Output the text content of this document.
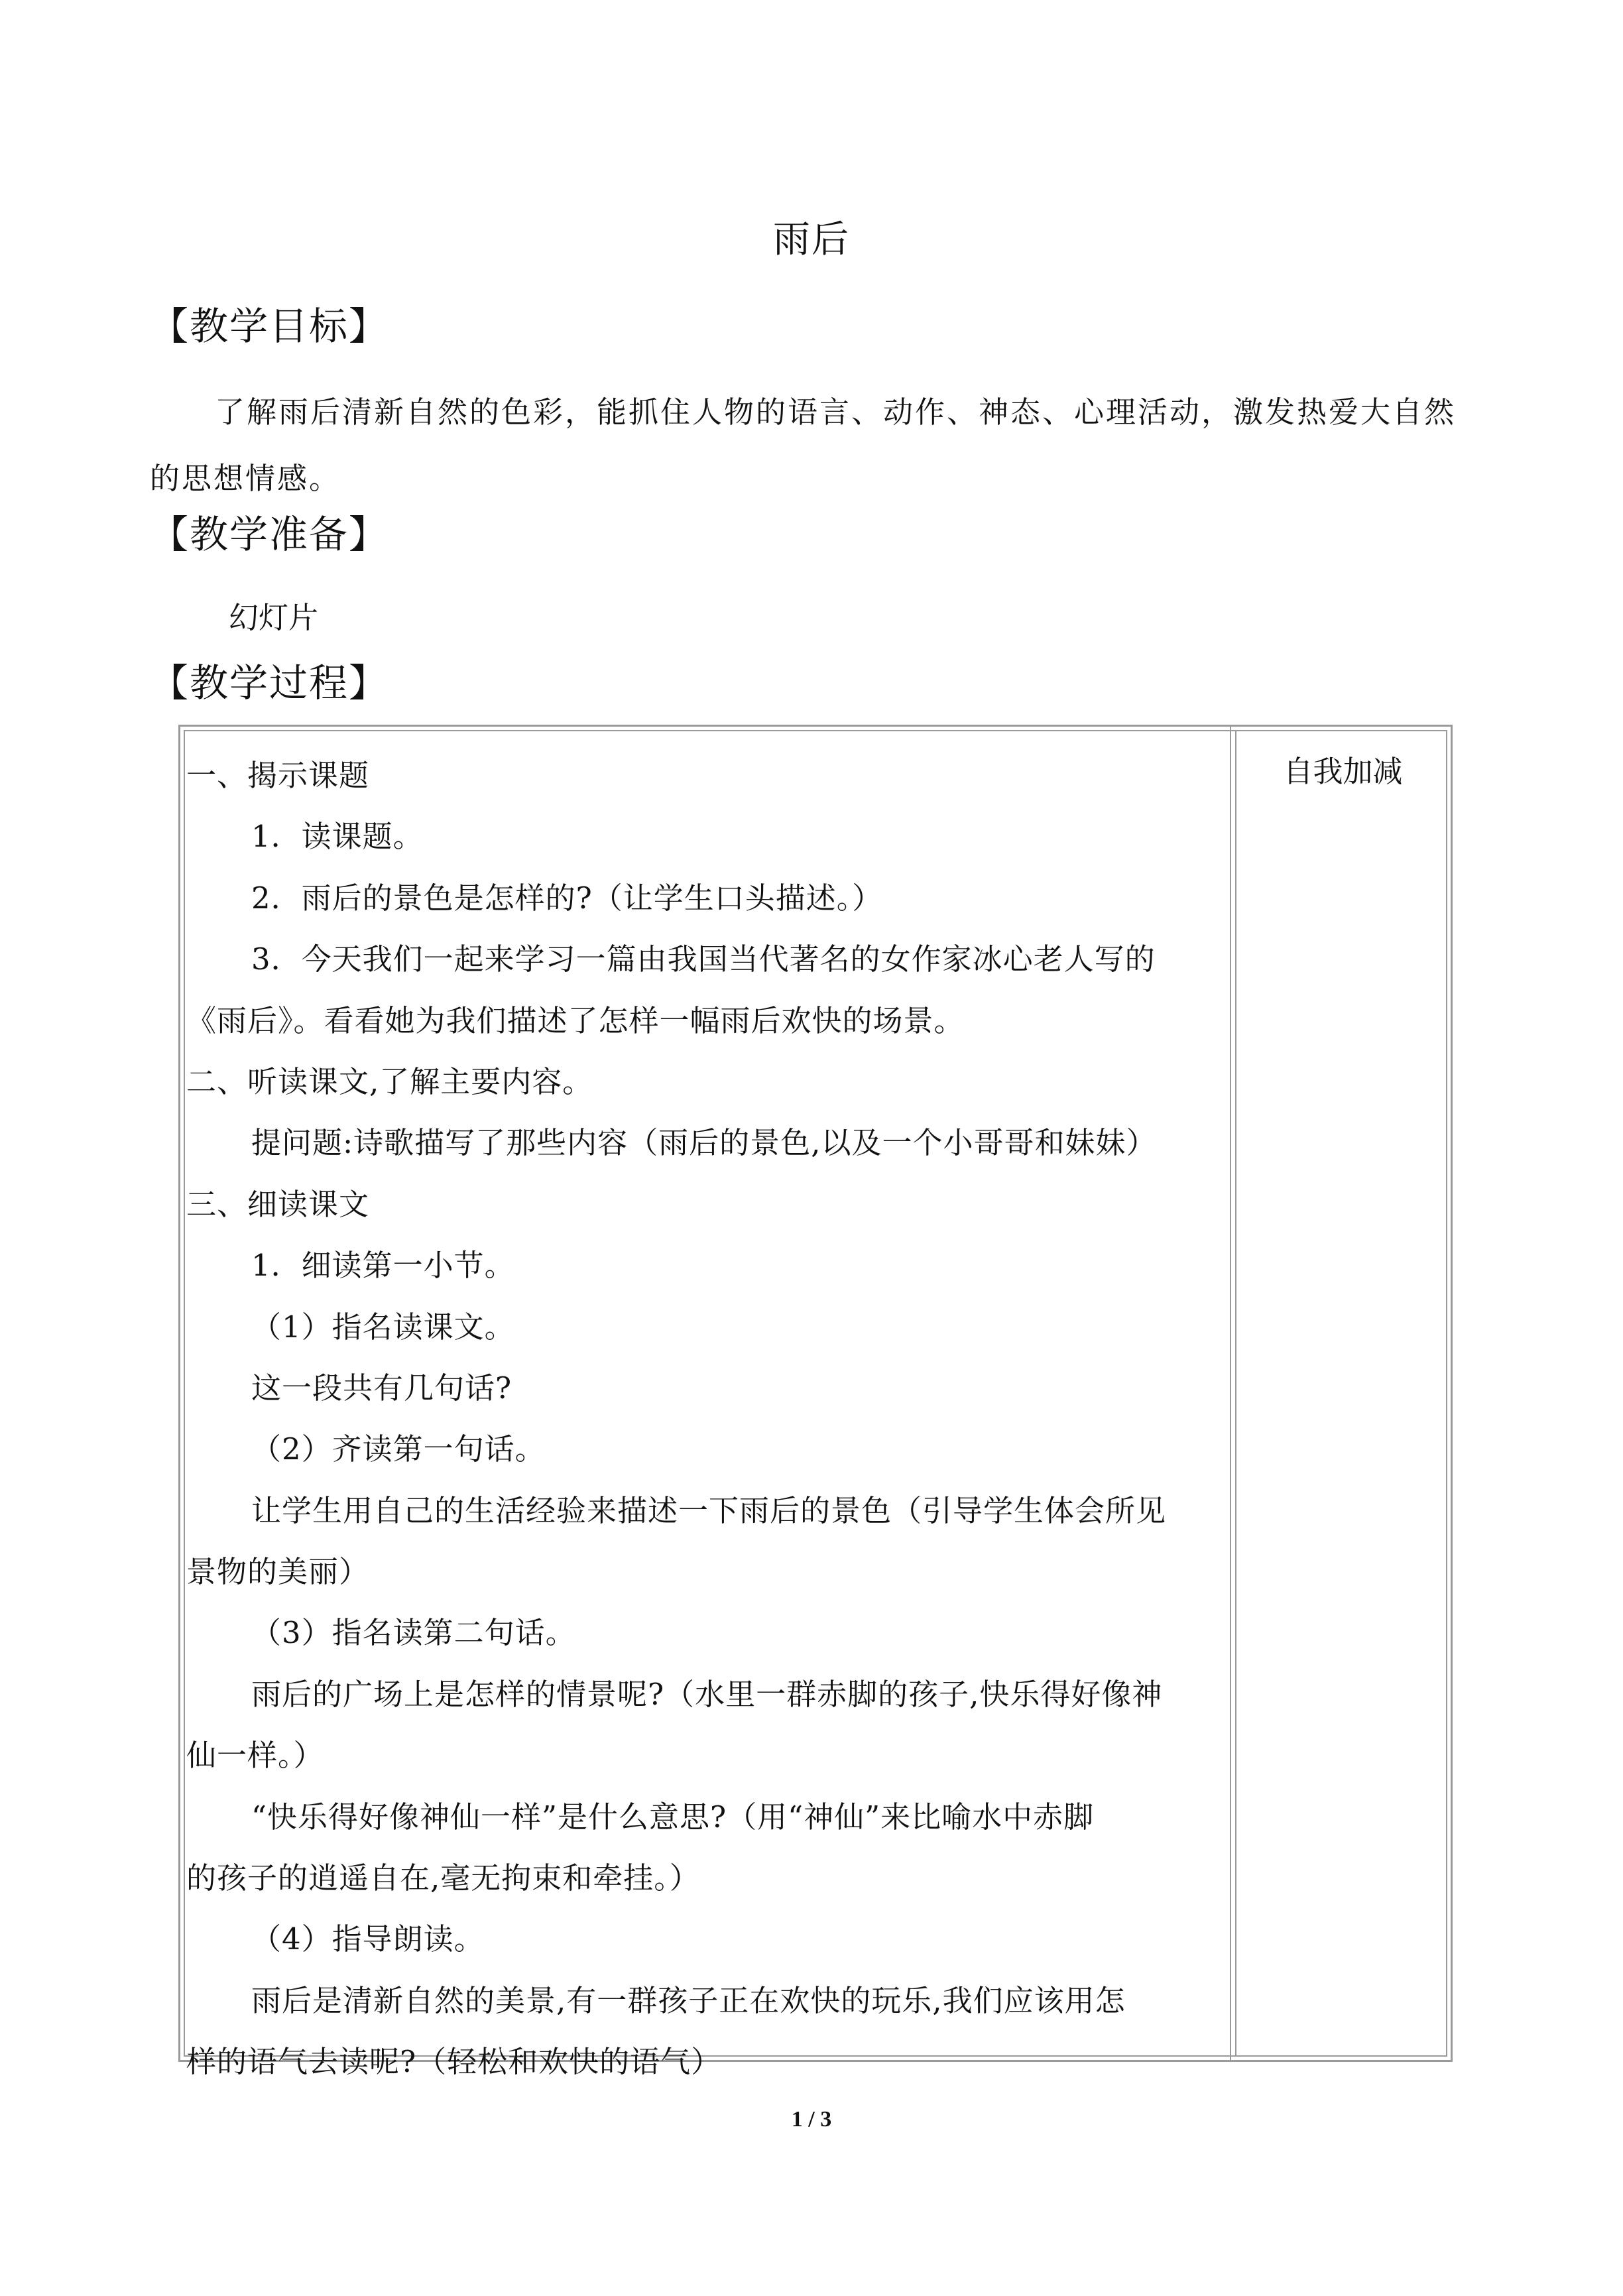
雨后
【教学目标】
了解雨后清新自然的色彩，能抓住人物的语言、动作、神态、心理活动，激发热爱大自然的思想情感。
【教学准备】
幻灯片
【教学过程】
自我加减
一、揭示课题
1．读课题。
2．雨后的景色是怎样的?（让学生口头描述。）
3．今天我们一起来学习一篇由我国当代著名的女作家冰心老人写的
《雨后》。看看她为我们描述了怎样一幅雨后欢快的场景。
二、听读课文,了解主要内容。
提问题:诗歌描写了那些内容（雨后的景色,以及一个小哥哥和妹妹）
三、细读课文
1．细读第一小节。
（1）指名读课文。
这一段共有几句话?
（2）齐读第一句话。
让学生用自己的生活经验来描述一下雨后的景色（引导学生体会所见
景物的美丽）
（3）指名读第二句话。
雨后的广场上是怎样的情景呢?（水里一群赤脚的孩子,快乐得好像神
仙一样。）
“快乐得好像神仙一样”是什么意思?（用“神仙”来比喻水中赤脚
的孩子的逍遥自在,毫无拘束和牵挂。）
（4）指导朗读。
雨后是清新自然的美景,有一群孩子正在欢快的玩乐,我们应该用怎
样的语气去读呢?（轻松和欢快的语气）
1 / 3
